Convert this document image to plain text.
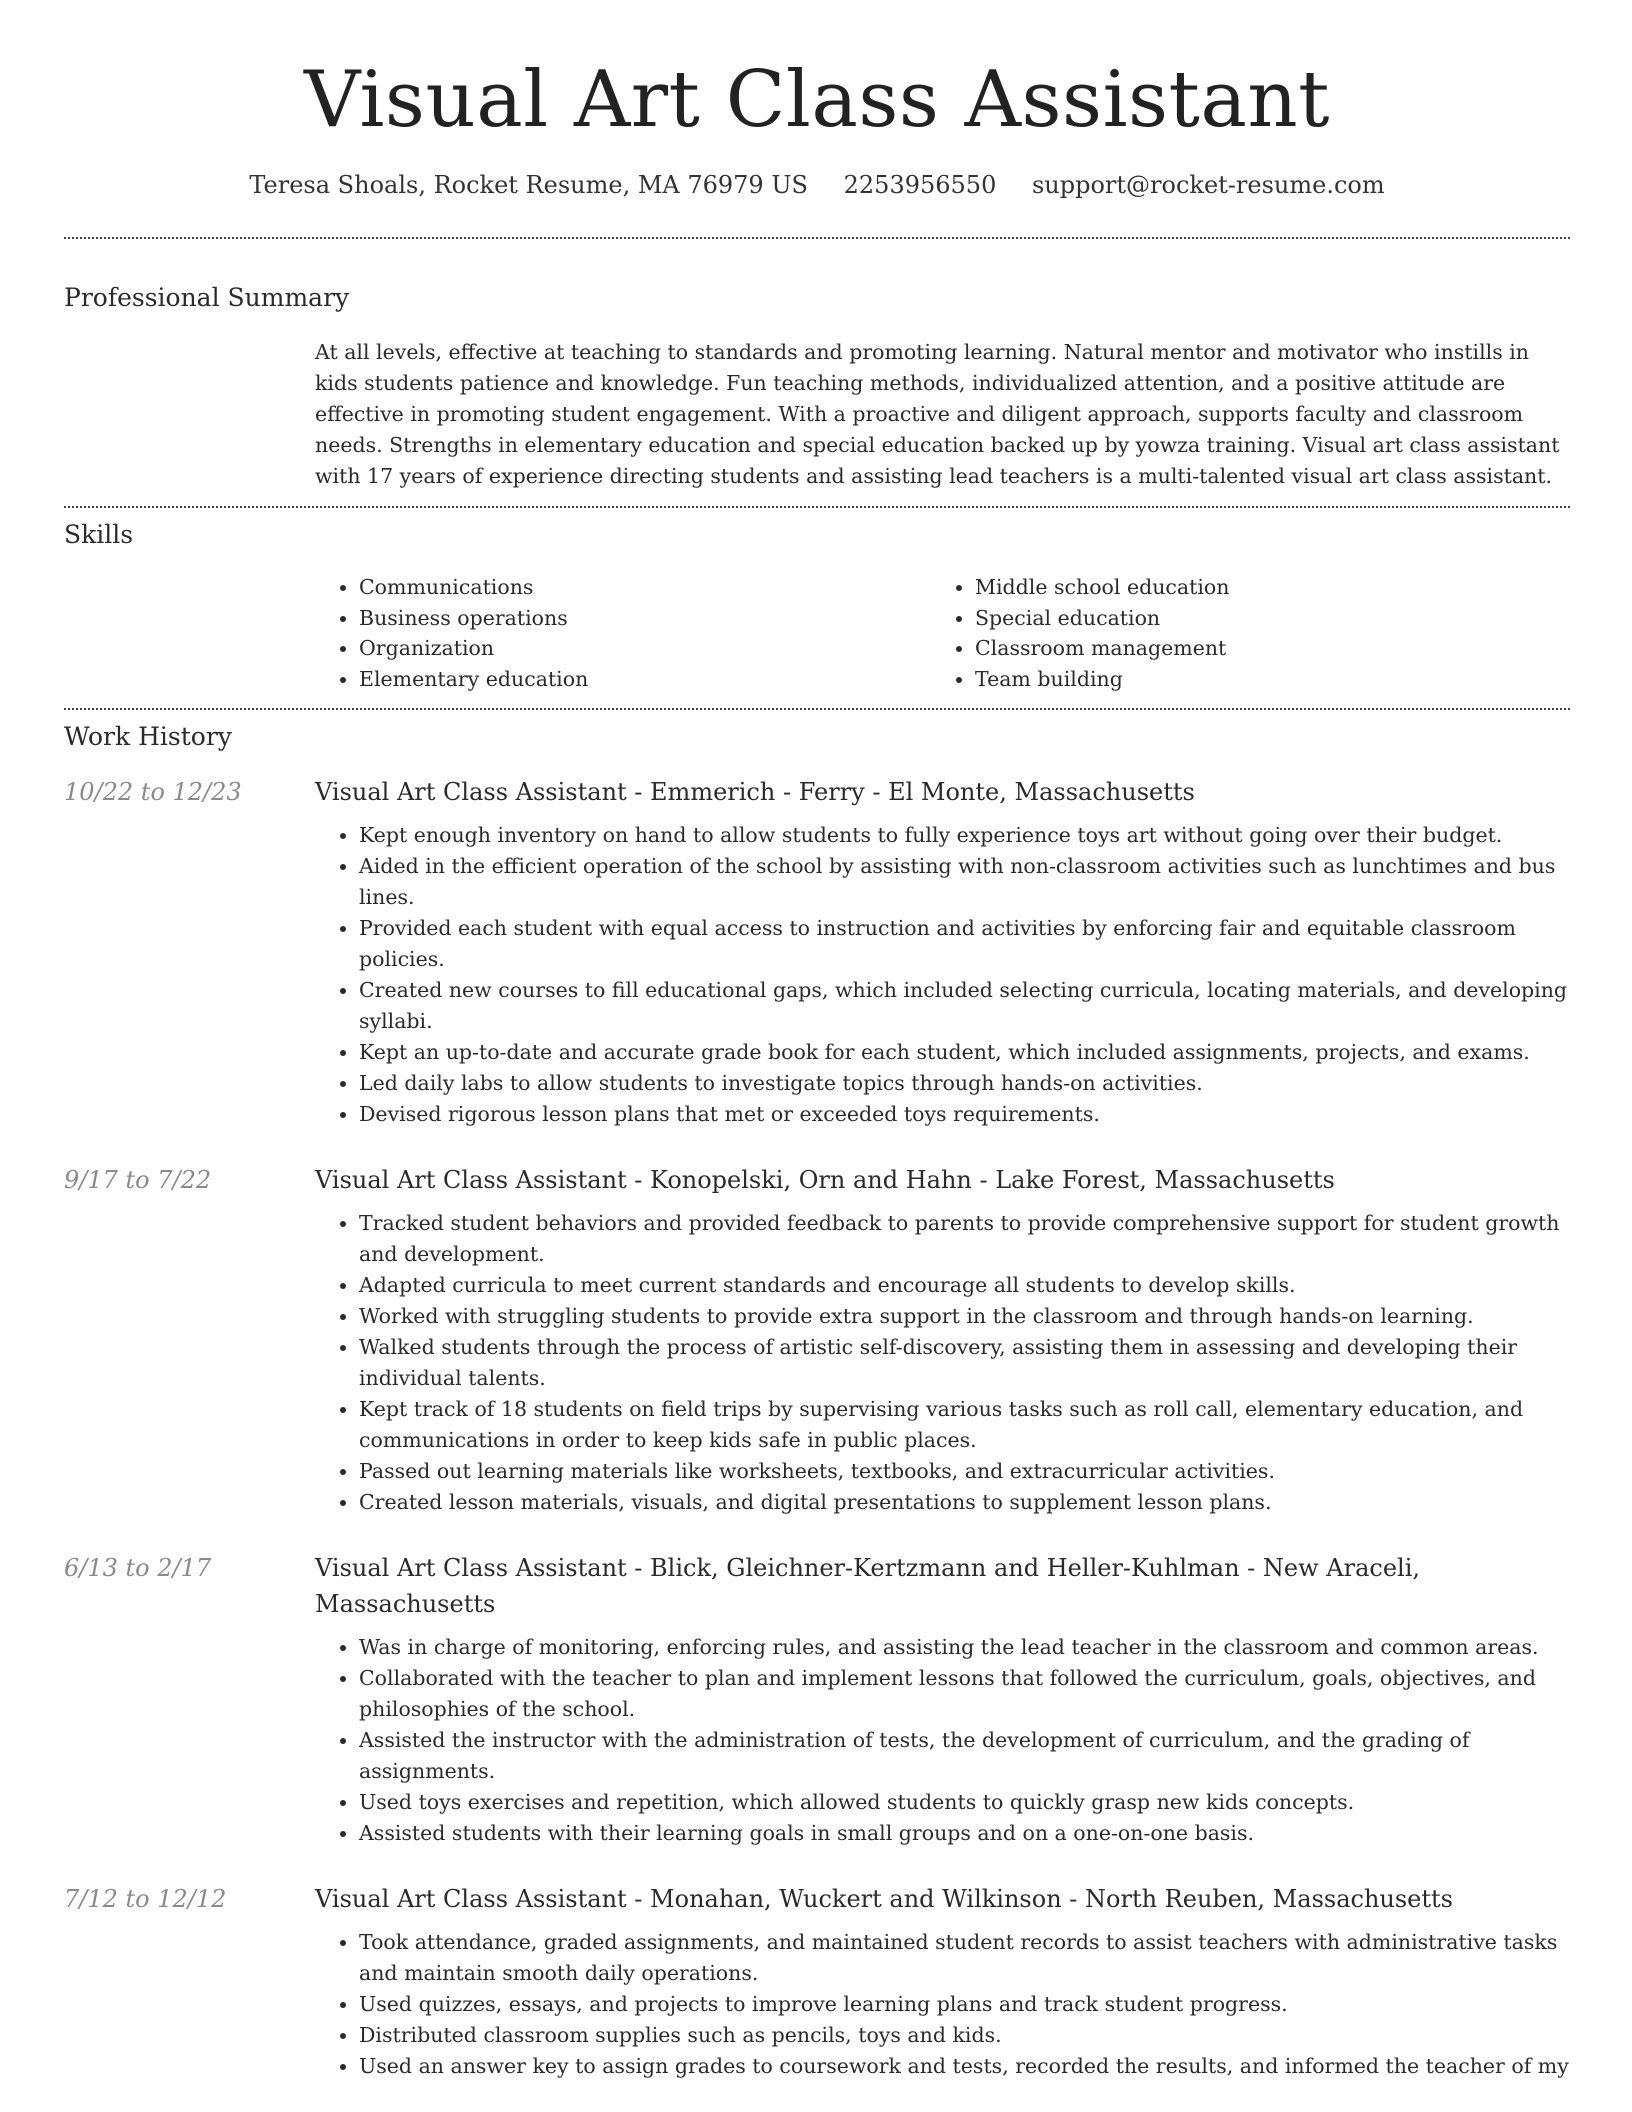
Visual Art Class Assistant
Teresa Shoals, Rocket Resume, MA 76979 US 2253956550 support@rocket-resume.com
Professional Summary
At all levels, effective at teaching to standards and promoting learning. Natural mentor and motivator who instills in kids students patience and knowledge. Fun teaching methods, individualized attention, and a positive attitude are effective in promoting student engagement. With a proactive and diligent approach, supports faculty and classroom needs. Strengths in elementary education and special education backed up by yowza training. Visual art class assistant with 17 years of experience directing students and assisting lead teachers is a multi-talented visual art class assistant.
Skills
• Communications
• Business operations
• Organization
• Elementary education
• Middle school education
• Special education
• Classroom management
• Team building
Work History
10/22 to 12/23	Visual Art Class Assistant - Emmerich - Ferry - El Monte, Massachusetts
• Kept enough inventory on hand to allow students to fully experience toys art without going over their budget.
• Aided in the efficient operation of the school by assisting with non-classroom activities such as lunchtimes and bus lines.
• Provided each student with equal access to instruction and activities by enforcing fair and equitable classroom policies.
• Created new courses to fill educational gaps, which included selecting curricula, locating materials, and developing syllabi.
• Kept an up-to-date and accurate grade book for each student, which included assignments, projects, and exams.
• Led daily labs to allow students to investigate topics through hands-on activities.
• Devised rigorous lesson plans that met or exceeded toys requirements.
9/17 to 7/22	Visual Art Class Assistant - Konopelski, Orn and Hahn - Lake Forest, Massachusetts
• Tracked student behaviors and provided feedback to parents to provide comprehensive support for student growth and development.
• Adapted curricula to meet current standards and encourage all students to develop skills.
• Worked with struggling students to provide extra support in the classroom and through hands-on learning.
• Walked students through the process of artistic self-discovery, assisting them in assessing and developing their individual talents.
• Kept track of 18 students on field trips by supervising various tasks such as roll call, elementary education, and communications in order to keep kids safe in public places.
• Passed out learning materials like worksheets, textbooks, and extracurricular activities.
• Created lesson materials, visuals, and digital presentations to supplement lesson plans.
6/13 to 2/17	Visual Art Class Assistant - Blick, Gleichner-Kertzmann and Heller-Kuhlman - New Araceli, Massachusetts
• Was in charge of monitoring, enforcing rules, and assisting the lead teacher in the classroom and common areas.
• Collaborated with the teacher to plan and implement lessons that followed the curriculum, goals, objectives, and philosophies of the school.
• Assisted the instructor with the administration of tests, the development of curriculum, and the grading of assignments.
• Used toys exercises and repetition, which allowed students to quickly grasp new kids concepts.
• Assisted students with their learning goals in small groups and on a one-on-one basis.
7/12 to 12/12	Visual Art Class Assistant - Monahan, Wuckert and Wilkinson - North Reuben, Massachusetts
• Took attendance, graded assignments, and maintained student records to assist teachers with administrative tasks and maintain smooth daily operations.
• Used quizzes, essays, and projects to improve learning plans and track student progress.
• Distributed classroom supplies such as pencils, toys and kids.
• Used an answer key to assign grades to coursework and tests, recorded the results, and informed the teacher of my
